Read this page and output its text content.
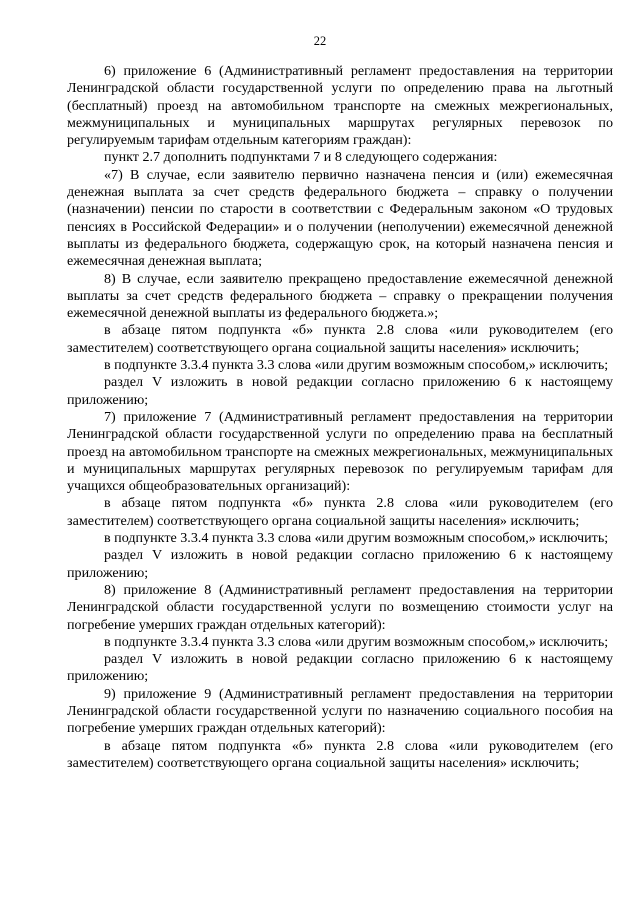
22

6) приложение 6 (Административный регламент предоставления на территории Ленинградской области государственной услуги по определению права на льготный (бесплатный) проезд на автомобильном транспорте на смежных межрегиональных, межмуниципальных и муниципальных маршрутах регулярных перевозок по регулируемым тарифам отдельным категориям граждан):

пункт 2.7 дополнить подпунктами 7 и 8 следующего содержания:

«7) В случае, если заявителю первично назначена пенсия и (или) ежемесячная денежная выплата за счет средств федерального бюджета – справку о получении (назначении) пенсии по старости в соответствии с Федеральным законом «О трудовых пенсиях в Российской Федерации» и о получении (неполучении) ежемесячной денежной выплаты из федерального бюджета, содержащую срок, на который назначена пенсия и ежемесячная денежная выплата;

8) В случае, если заявителю прекращено предоставление ежемесячной денежной выплаты за счет средств федерального бюджета – справку о прекращении получения ежемесячной денежной выплаты из федерального бюджета.»;

в абзаце пятом подпункта «б» пункта 2.8 слова «или руководителем (его заместителем) соответствующего органа социальной защиты населения» исключить;

в подпункте 3.3.4 пункта 3.3 слова «или другим возможным способом,» исключить;

раздел V изложить в новой редакции согласно приложению 6 к настоящему приложению;

7) приложение 7 (Административный регламент предоставления на территории Ленинградской области государственной услуги по определению права на бесплатный проезд на автомобильном транспорте на смежных межрегиональных, межмуниципальных и муниципальных маршрутах регулярных перевозок по регулируемым тарифам для учащихся общеобразовательных организаций):

в абзаце пятом подпункта «б» пункта 2.8 слова «или руководителем (его заместителем) соответствующего органа социальной защиты населения» исключить;

в подпункте 3.3.4 пункта 3.3 слова «или другим возможным способом,» исключить;

раздел V изложить в новой редакции согласно приложению 6 к настоящему приложению;

8) приложение 8 (Административный регламент предоставления на территории Ленинградской области государственной услуги по возмещению стоимости услуг на погребение умерших граждан отдельных категорий):

в подпункте 3.3.4 пункта 3.3 слова «или другим возможным способом,» исключить;

раздел V изложить в новой редакции согласно приложению 6 к настоящему приложению;

9) приложение 9 (Административный регламент предоставления на территории Ленинградской области государственной услуги по назначению социального пособия на погребение умерших граждан отдельных категорий):

в абзаце пятом подпункта «б» пункта 2.8 слова «или руководителем (его заместителем) соответствующего органа социальной защиты населения» исключить;
